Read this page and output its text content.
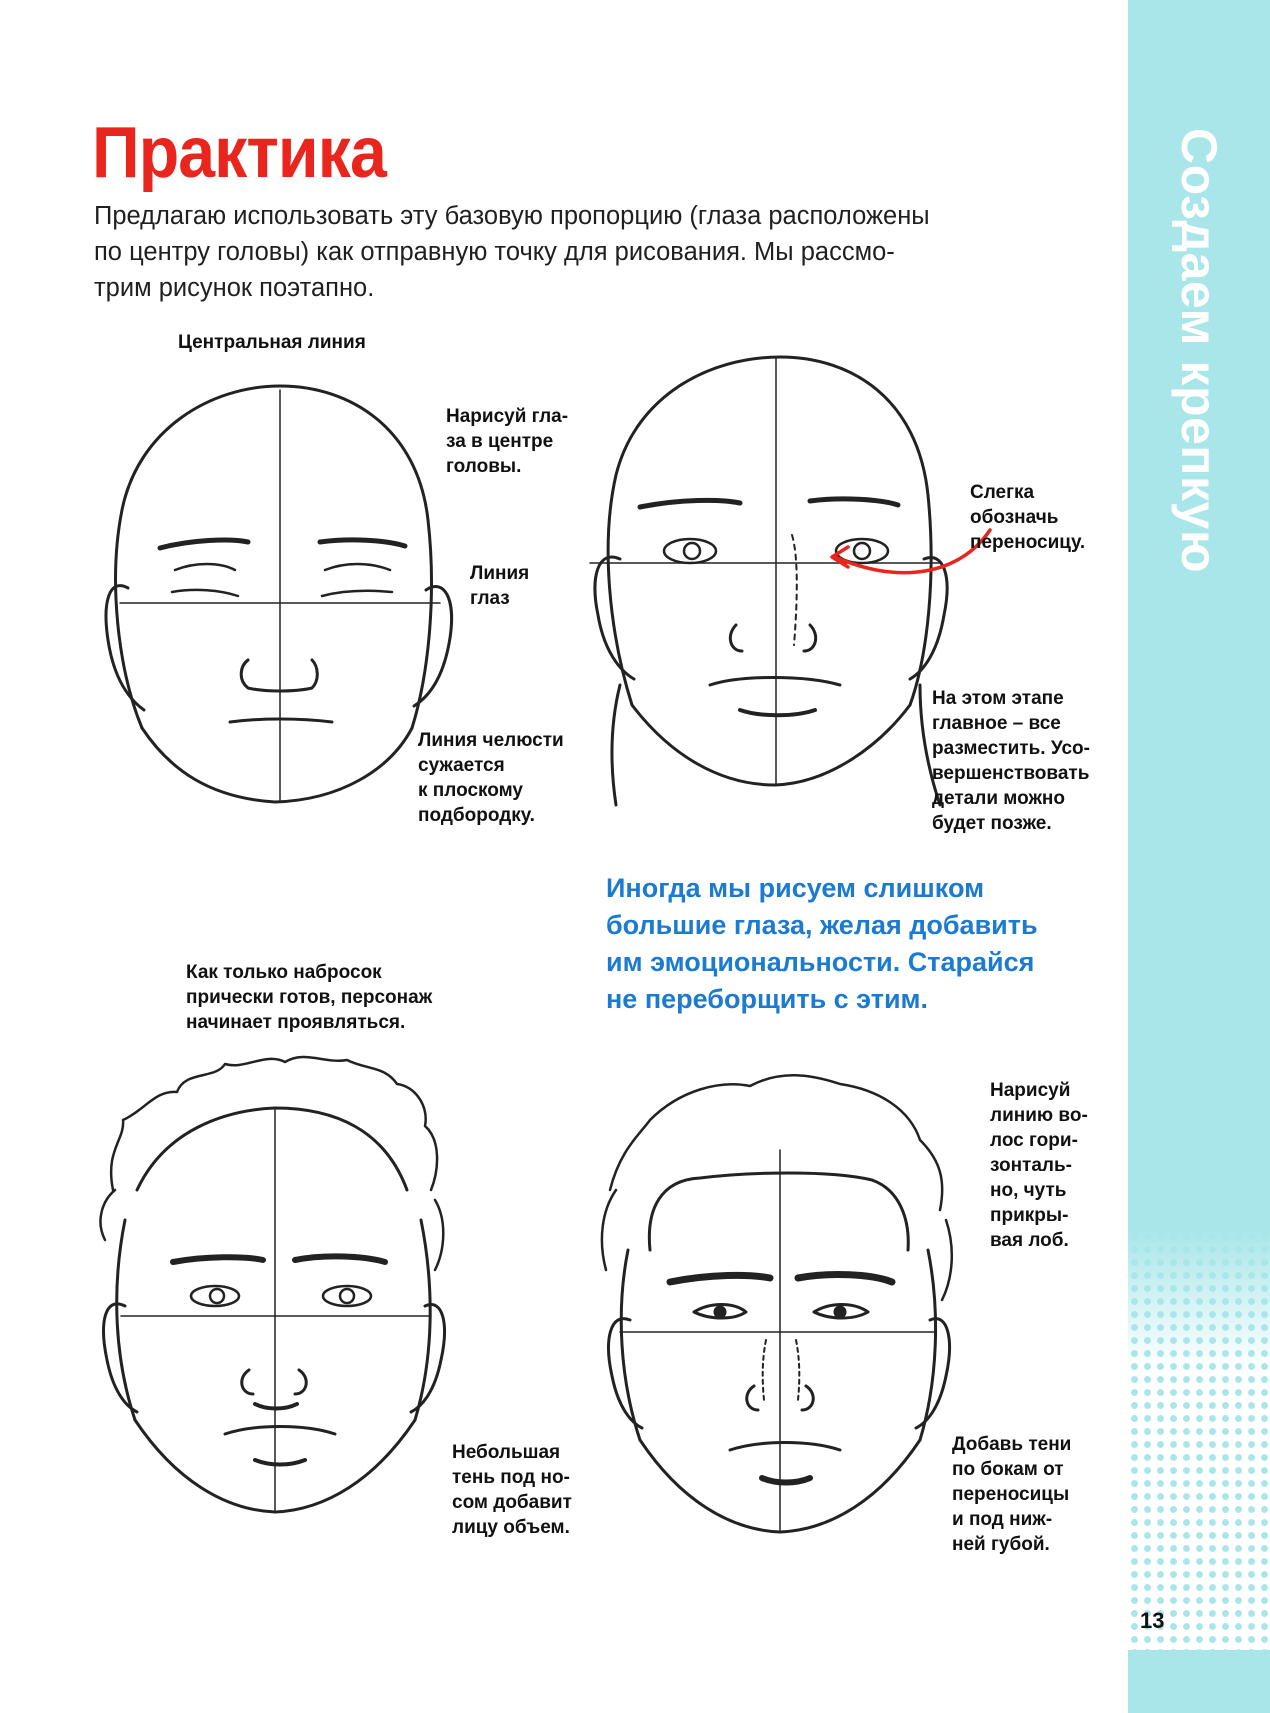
Создаем крепкую основу
Практика
Предлагаю использовать эту базовую пропорцию (глаза расположены
по центру головы) как отправную точку для рисования. Мы рассмо-
трим рисунок поэтапно.
Центральная линия
Нарисуй гла-
за в центре
головы.
Линия
глаз
Линия челюсти
сужается
к плоскому
подбородку.
Слегка
обозначь
переносицу.
На этом этапе
главное – все
разместить. Усо-
вершенствовать
детали можно
будет позже.
Иногда мы рисуем слишком
большие глаза, желая добавить
им эмоциональности. Старайся
не переборщить с этим.
Как только набросок
прически готов, персонаж
начинает проявляться.
Нарисуй
линию во-
лос гори-
зонталь-
но, чуть
прикры-
вая лоб.
Небольшая
тень под но-
сом добавит
лицу объем.
Добавь тени
по бокам от
переносицы
и под ниж-
ней губой.
13
